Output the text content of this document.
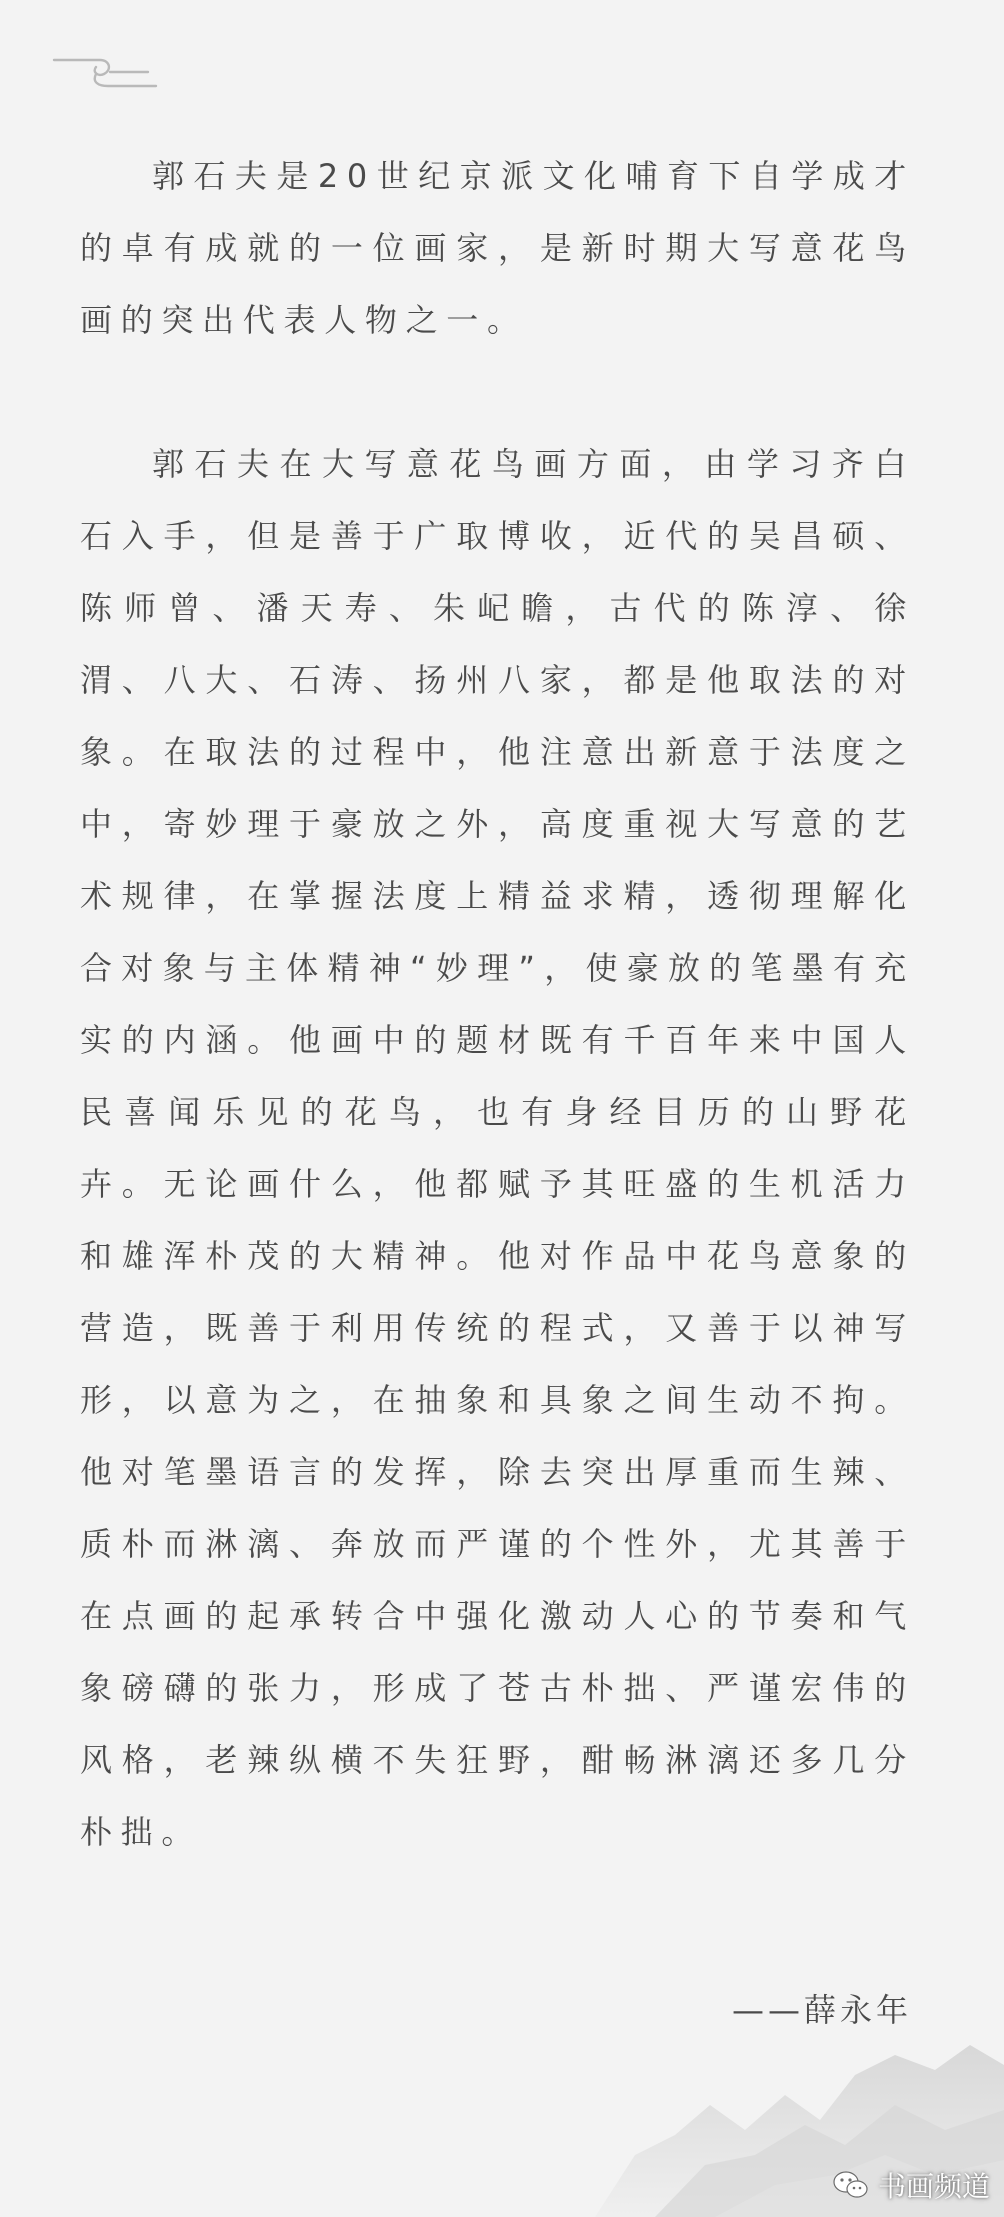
郭石夫是20世纪京派文化哺育下自学成才的卓有成就的一位画家，是新时期大写意花鸟画的突出代表人物之一。

郭石夫在大写意花鸟画方面，由学习齐白石入手，但是善于广取博收，近代的吴昌硕、陈师曾、潘天寿、朱屺瞻，古代的陈淳、徐渭、八大、石涛、扬州八家，都是他取法的对象。在取法的过程中，他注意出新意于法度之中，寄妙理于豪放之外，高度重视大写意的艺术规律，在掌握法度上精益求精，透彻理解化合对象与主体精神“妙理”，使豪放的笔墨有充实的内涵。他画中的题材既有千百年来中国人民喜闻乐见的花鸟，也有身经目历的山野花卉。无论画什么，他都赋予其旺盛的生机活力和雄浑朴茂的大精神。他对作品中花鸟意象的营造，既善于利用传统的程式，又善于以神写形，以意为之，在抽象和具象之间生动不拘。他对笔墨语言的发挥，除去突出厚重而生辣、质朴而淋漓、奔放而严谨的个性外，尤其善于在点画的起承转合中强化激动人心的节奏和气象磅礴的张力，形成了苍古朴拙、严谨宏伟的风格，老辣纵横不失狂野，酣畅淋漓还多几分朴拙。

——薛永年
书画频道
